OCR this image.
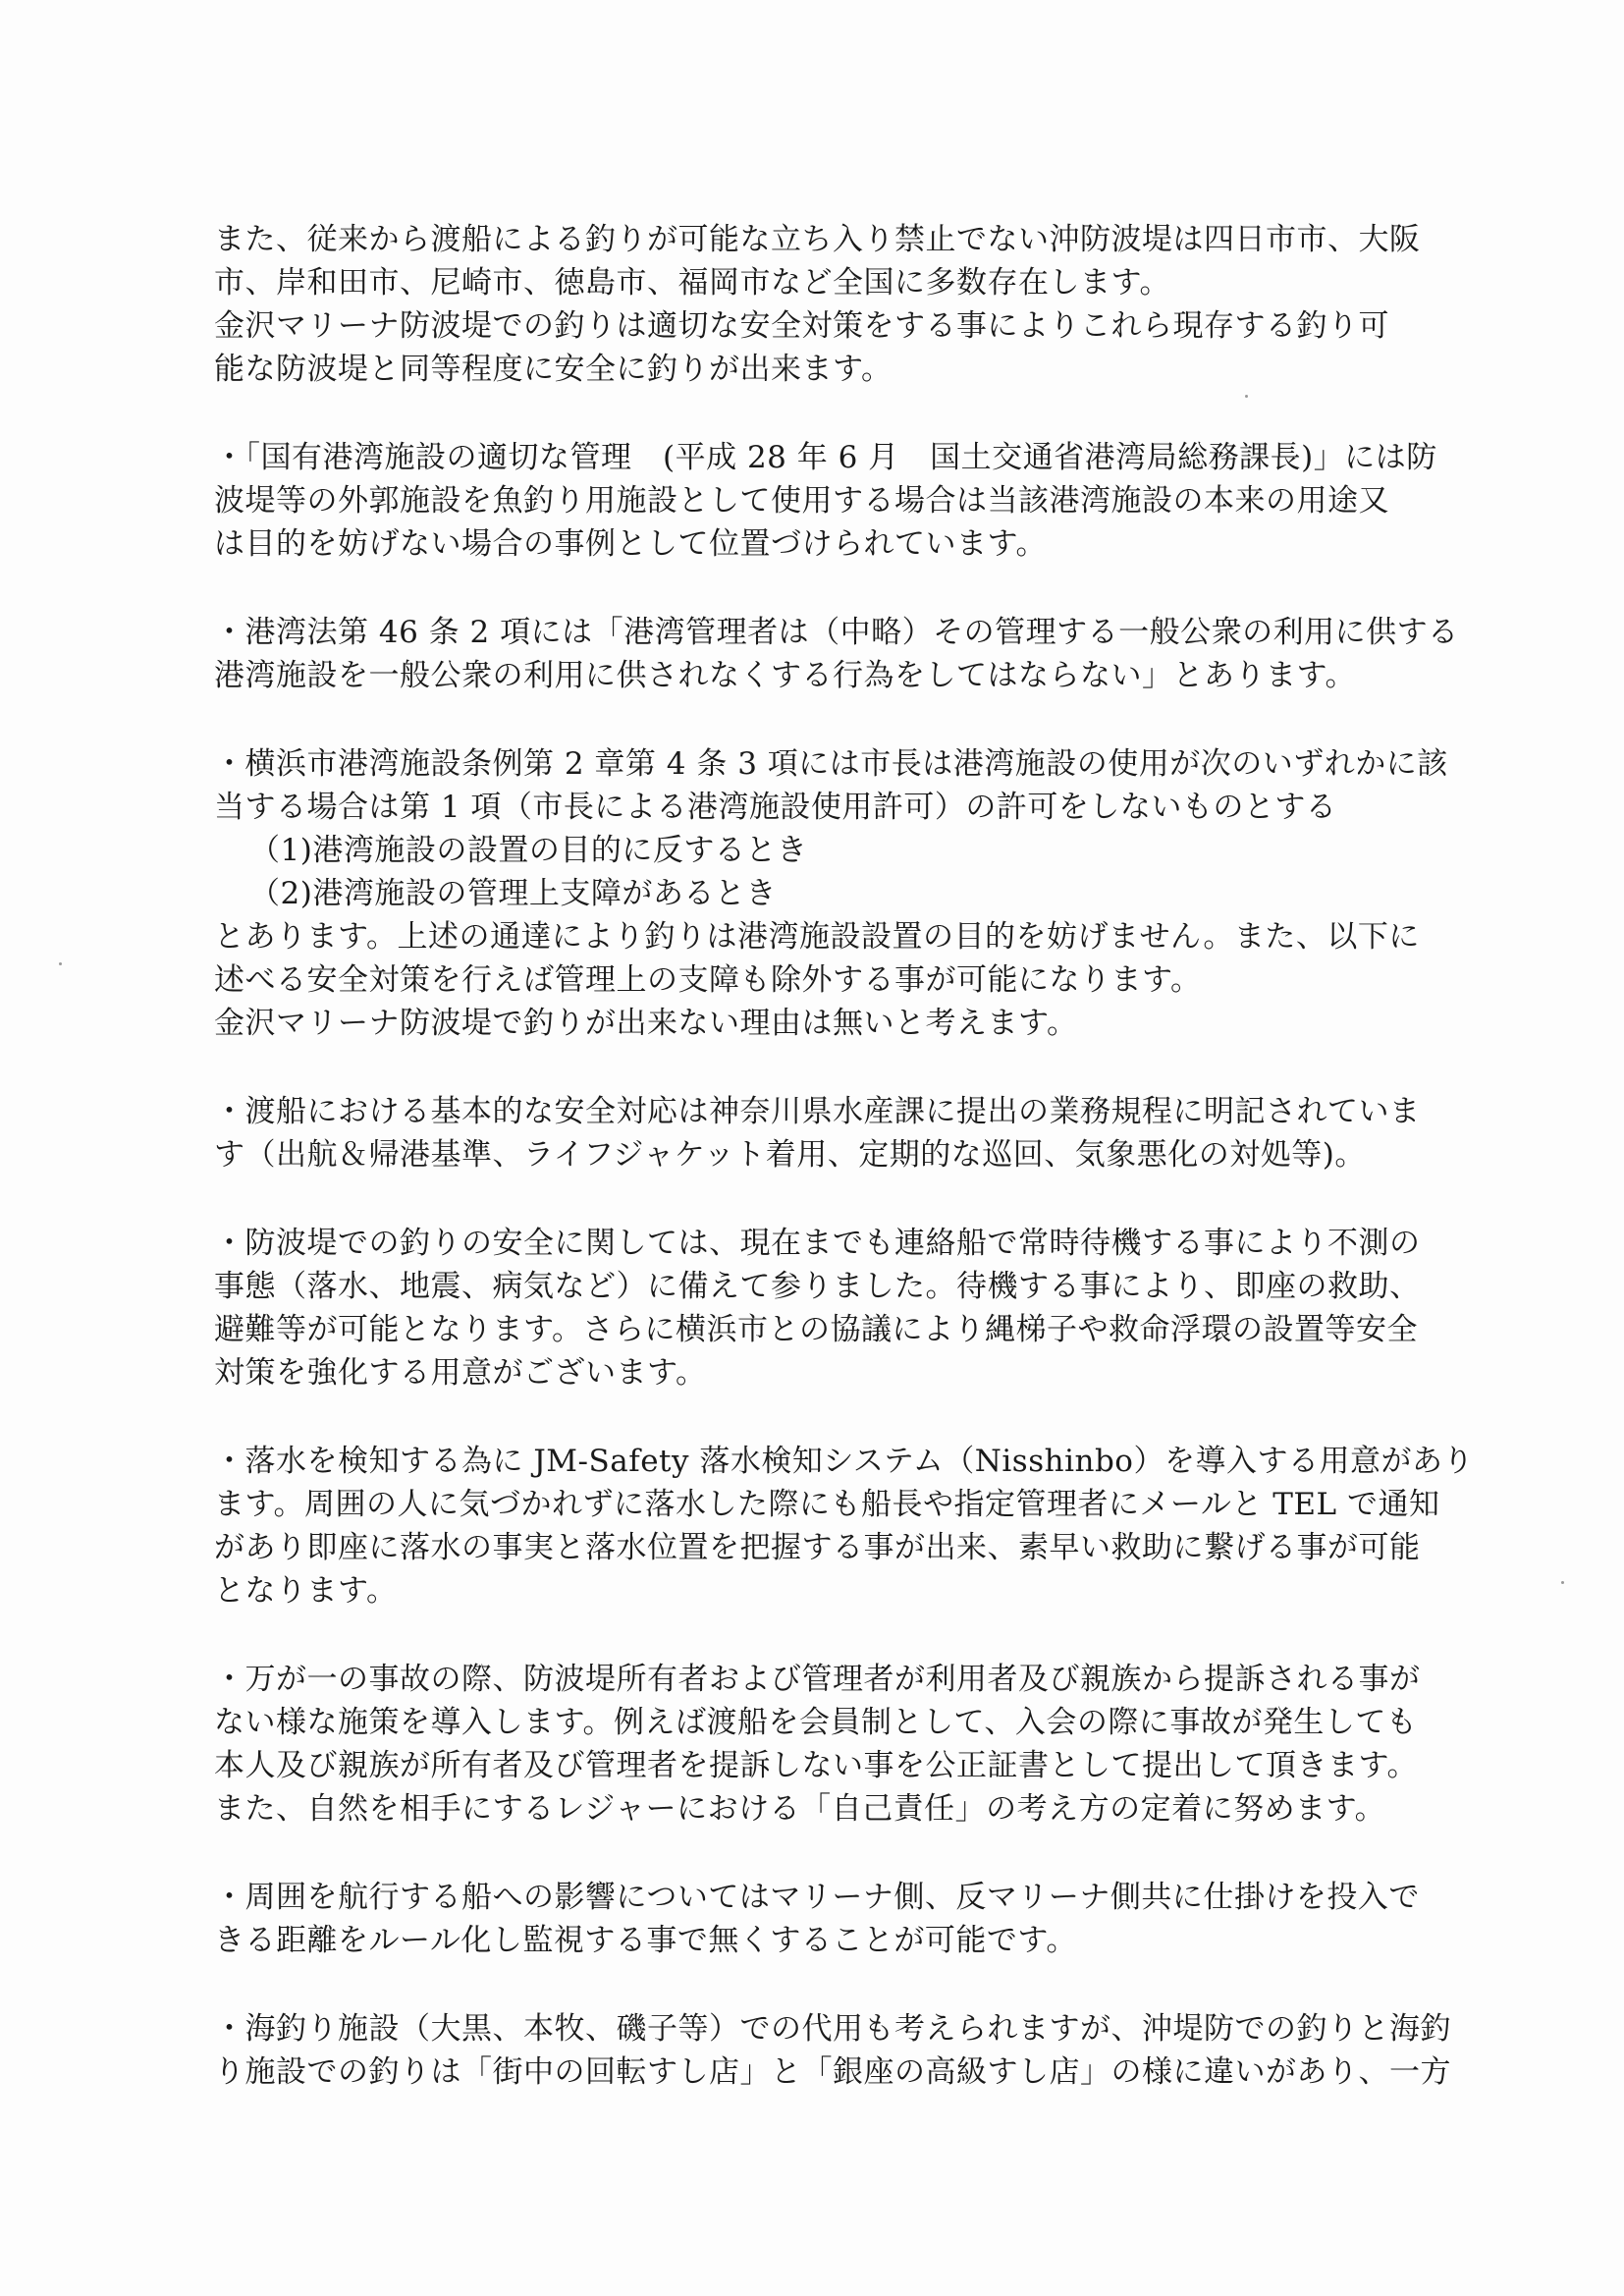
また、従来から渡船による釣りが可能な立ち入り禁止でない沖防波堤は四日市市、大阪
市、岸和田市、尼崎市、徳島市、福岡市など全国に多数存在します。
金沢マリーナ防波堤での釣りは適切な安全対策をする事によりこれら現存する釣り可
能な防波堤と同等程度に安全に釣りが出来ます。
・「国有港湾施設の適切な管理　(平成 28 年 6 月　国土交通省港湾局総務課長)」には防
波堤等の外郭施設を魚釣り用施設として使用する場合は当該港湾施設の本来の用途又
は目的を妨げない場合の事例として位置づけられています。
・港湾法第 46 条 2 項には「港湾管理者は（中略）その管理する一般公衆の利用に供する
港湾施設を一般公衆の利用に供されなくする行為をしてはならない」とあります。
・横浜市港湾施設条例第 2 章第 4 条 3 項には市長は港湾施設の使用が次のいずれかに該
当する場合は第 1 項（市長による港湾施設使用許可）の許可をしないものとする
（1)港湾施設の設置の目的に反するとき
（2)港湾施設の管理上支障があるとき
とあります。上述の通達により釣りは港湾施設設置の目的を妨げません。また、以下に
述べる安全対策を行えば管理上の支障も除外する事が可能になります。
金沢マリーナ防波堤で釣りが出来ない理由は無いと考えます。
・渡船における基本的な安全対応は神奈川県水産課に提出の業務規程に明記されていま
す（出航＆帰港基準、ライフジャケット着用、定期的な巡回、気象悪化の対処等)。
・防波堤での釣りの安全に関しては、現在までも連絡船で常時待機する事により不測の
事態（落水、地震、病気など）に備えて参りました。待機する事により、即座の救助、
避難等が可能となります。さらに横浜市との協議により縄梯子や救命浮環の設置等安全
対策を強化する用意がございます。
・落水を検知する為に JM-Safety 落水検知システム（Nisshinbo）を導入する用意があり
ます。周囲の人に気づかれずに落水した際にも船長や指定管理者にメールと TEL で通知
があり即座に落水の事実と落水位置を把握する事が出来、素早い救助に繋げる事が可能
となります。
・万が一の事故の際、防波堤所有者および管理者が利用者及び親族から提訴される事が
ない様な施策を導入します。例えば渡船を会員制として、入会の際に事故が発生しても
本人及び親族が所有者及び管理者を提訴しない事を公正証書として提出して頂きます。
また、自然を相手にするレジャーにおける「自己責任」の考え方の定着に努めます。
・周囲を航行する船への影響についてはマリーナ側、反マリーナ側共に仕掛けを投入で
きる距離をルール化し監視する事で無くすることが可能です。
・海釣り施設（大黒、本牧、磯子等）での代用も考えられますが、沖堤防での釣りと海釣
り施設での釣りは「街中の回転すし店」と「銀座の高級すし店」の様に違いがあり、一方
